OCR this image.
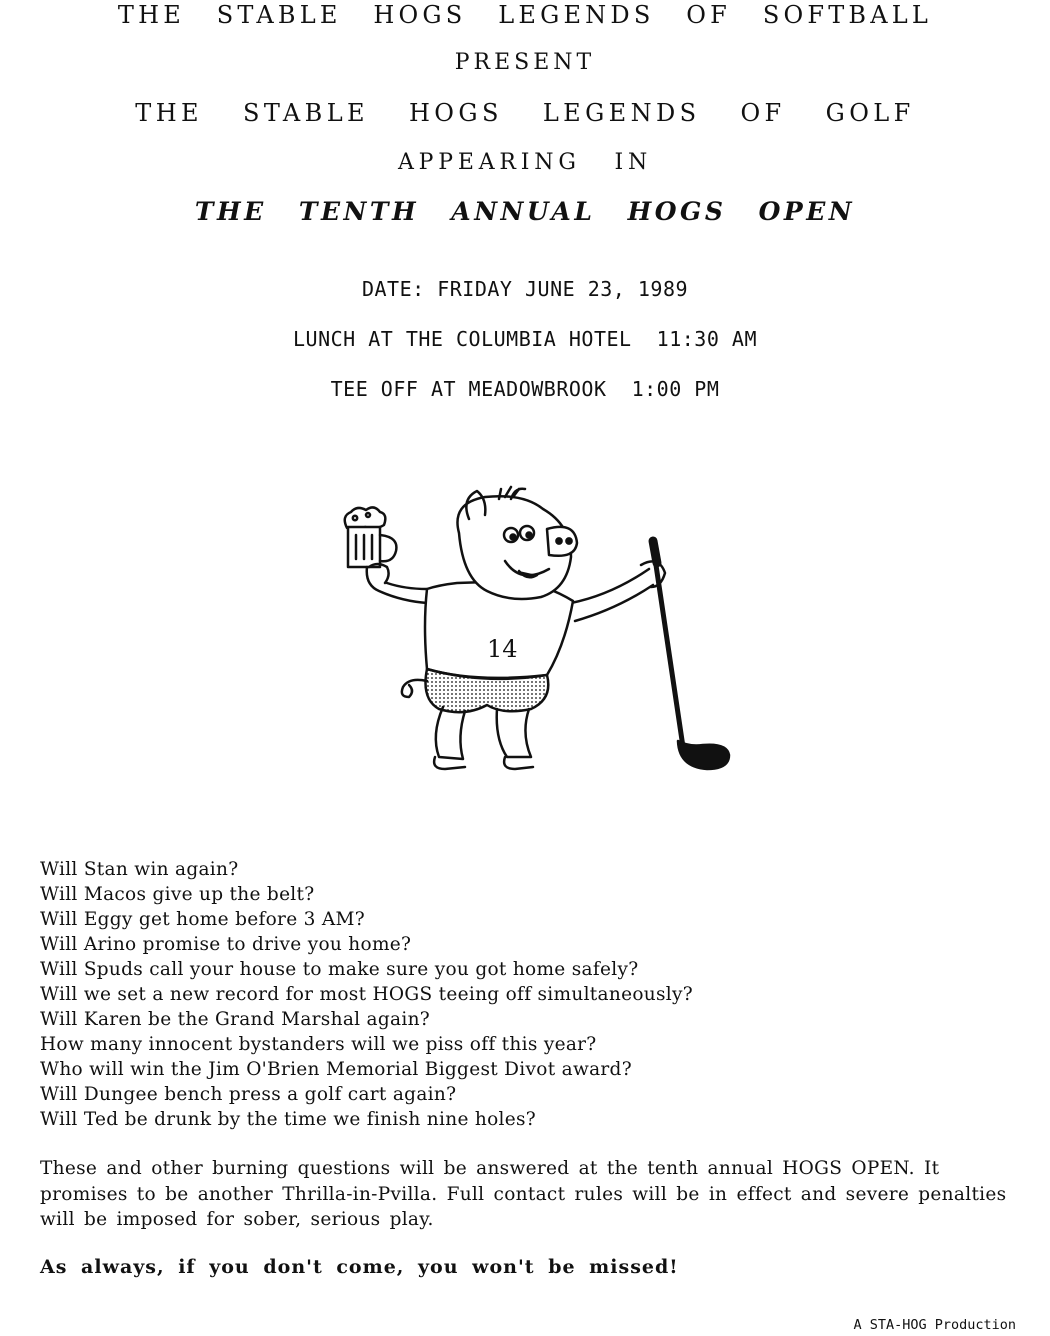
THE STABLE HOGS LEGENDS OF SOFTBALL
PRESENT
THE STABLE HOGS LEGENDS OF GOLF
APPEARING IN
THE TENTH ANNUAL HOGS OPEN
DATE: FRIDAY JUNE 23, 1989
LUNCH AT THE COLUMBIA HOTEL  11:30 AM
TEE OFF AT MEADOWBROOK  1:00 PM
14
Will Stan win again?
Will Macos give up the belt?
Will Eggy get home before 3 AM?
Will Arino promise to drive you home?
Will Spuds call your house to make sure you got home safely?
Will we set a new record for most HOGS teeing off simultaneously?
Will Karen be the Grand Marshal again?
How many innocent bystanders will we piss off this year?
Who will win the Jim O'Brien Memorial Biggest Divot award?
Will Dungee bench press a golf cart again?
Will Ted be drunk by the time we finish nine holes?

These and other burning questions will be answered at the tenth annual HOGS OPEN. It promises to be another Thrilla-in-Pvilla. Full contact rules will be in effect and severe penalties will be imposed for sober, serious play.

As always, if you don't come, you won't be missed!

A STA-HOG Production
